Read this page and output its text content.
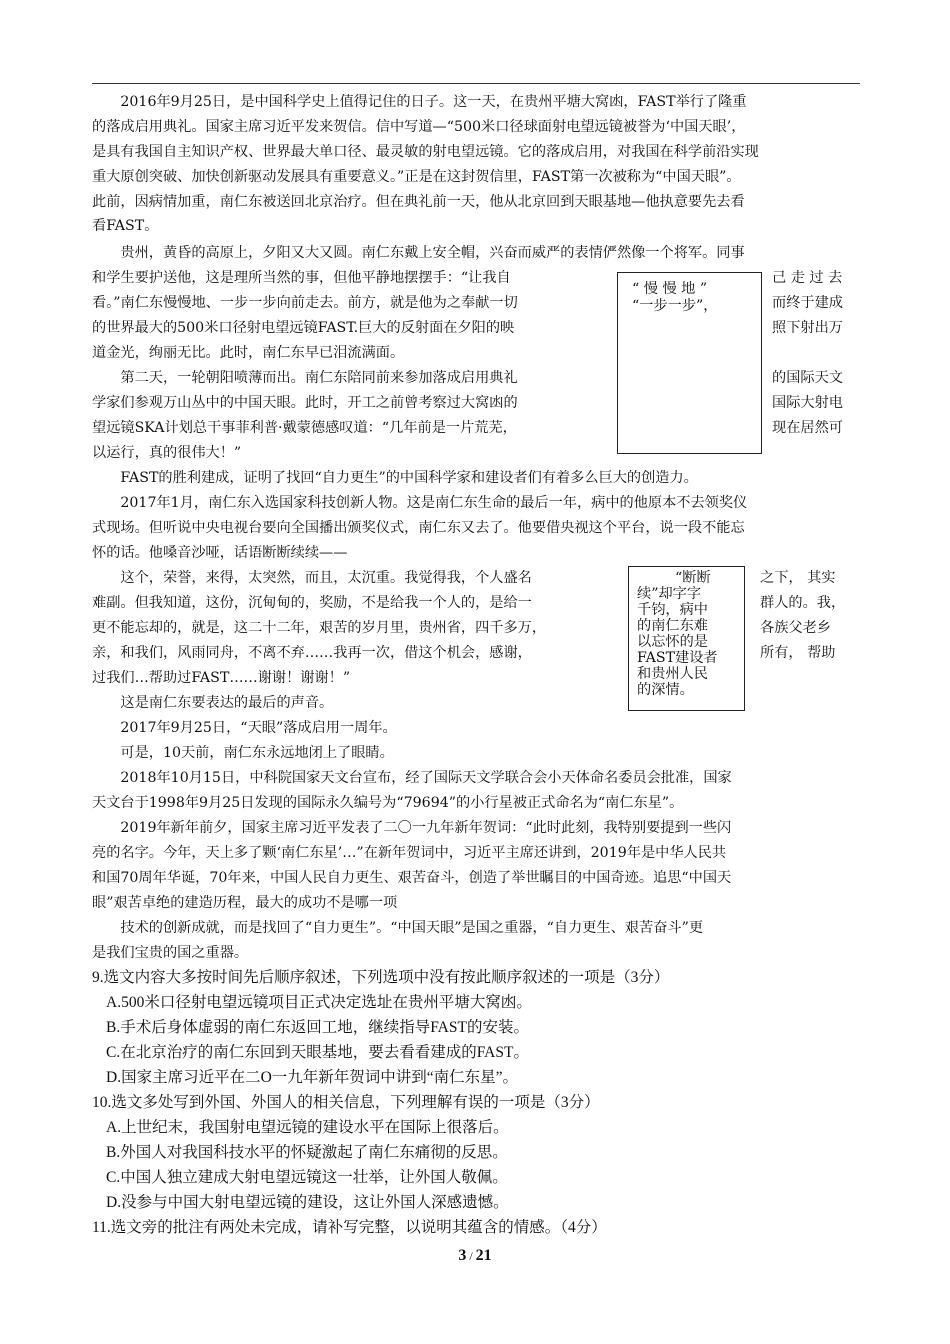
　　2016年9月25日，是中国科学史上值得记住的日子。这一天，在贵州平塘大窝凼，FAST举行了隆重
的落成启用典礼。国家主席习近平发来贺信。信中写道—“500米口径球面射电望远镜被誉为‘中国天眼’，
是具有我国自主知识产权、世界最大单口径、最灵敏的射电望远镜。它的落成启用，对我国在科学前沿实现
重大原创突破、加快创新驱动发展具有重要意义。”正是在这封贺信里，FAST第一次被称为“中国天眼”。
此前，因病情加重，南仁东被送回北京治疗。但在典礼前一天，他从北京回到天眼基地—他执意要先去看
看FAST。
　　贵州，黄昏的高原上，夕阳又大又圆。南仁东戴上安全帽，兴奋而威严的表情俨然像一个将军。同事
和学生要护送他，这是理所当然的事，但他平静地摆摆手：“让我自
看。”南仁东慢慢地、一步一步向前走去。前方，就是他为之奉献一切
的世界最大的500米口径射电望远镜FAST.巨大的反射面在夕阳的映
道金光，绚丽无比。此时，南仁东早已泪流满面。
　　第二天，一轮朝阳喷薄而出。南仁东陪同前来参加落成启用典礼
学家们参观万山丛中的中国天眼。此时，开工之前曾考察过大窝凼的
望远镜SKA计划总干事菲利普·戴蒙德感叹道：“几年前是一片荒芜，
以运行，真的很伟大！”
　　FAST的胜利建成，证明了找回“自力更生”的中国科学家和建设者们有着多么巨大的创造力。
　　2017年1月，南仁东入选国家科技创新人物。这是南仁东生命的最后一年，病中的他原本不去领奖仪
式现场。但听说中央电视台要向全国播出颁奖仪式，南仁东又去了。他要借央视这个平台，说一段不能忘
怀的话。他嗓音沙哑，话语断断续续——
　　这个，荣誉，来得，太突然，而且，太沉重。我觉得我，个人盛名
难副。但我知道，这份，沉甸甸的，奖励，不是给我一个人的，是给一
更不能忘却的，就是，这二十二年，艰苦的岁月里，贵州省，四千多万，
亲，和我们，风雨同舟，不离不弃……我再一次，借这个机会，感谢，
过我们…帮助过FAST……谢谢！谢谢！”
　　这是南仁东要表达的最后的声音。
　　2017年9月25日，“天眼”落成启用一周年。
　　可是，10天前，南仁东永远地闭上了眼睛。
　　2018年10月15日，中科院国家天文台宣布，经了国际天文学联合会小天体命名委员会批准，国家
天文台于1998年9月25日发现的国际永久编号为“79694”的小行星被正式命名为“南仁东星”。
　　2019年新年前夕，国家主席习近平发表了二〇一九年新年贺词：“此时此刻，我特别要提到一些闪
亮的名字。今年，天上多了颗‘南仁东星’…”在新年贺词中，习近平主席还讲到，2019年是中华人民共
和国70周年华诞，70年来，中国人民自力更生、艰苦奋斗，创造了举世瞩目的中国奇迹。追思“中国天
眼”艰苦卓绝的建造历程，最大的成功不是哪一项
　　技术的创新成就，而是找回了“自力更生”。“中国天眼”是国之重器，“自力更生、艰苦奋斗”更
是我们宝贵的国之重器。
己 走 过 去
而终于建成
照下射出万
的国际天文
国际大射电
现在居然可
之下， 其实
群人的。我，
各族父老乡
所有， 帮助
“ 慢 慢 地 ”
“一步一步”，
“断断
续”却字字
千钧，病中
的南仁东难
以忘怀的是
FAST建设者
和贵州人民
的深情。
9.选文内容大多按时间先后顺序叙述，下列选项中没有按此顺序叙述的一项是（3分）
A.500米口径射电望远镜项目正式决定选址在贵州平塘大窝凼。
B.手术后身体虚弱的南仁东返回工地，继续指导FAST的安装。
C.在北京治疗的南仁东回到天眼基地，要去看看建成的FAST。
D.国家主席习近平在二O一九年新年贺词中讲到“南仁东星”。
10.选文多处写到外国、外国人的相关信息，下列理解有误的一项是（3分）
A.上世纪末，我国射电望远镜的建设水平在国际上很落后。
B.外国人对我国科技水平的怀疑激起了南仁东痛彻的反思。
C.中国人独立建成大射电望远镜这一壮举，让外国人敬佩。
D.没参与中国大射电望远镜的建设，这让外国人深感遗憾。
11.选文旁的批注有两处未完成，请补写完整，以说明其蕴含的情感。（4分）
3 / 21
